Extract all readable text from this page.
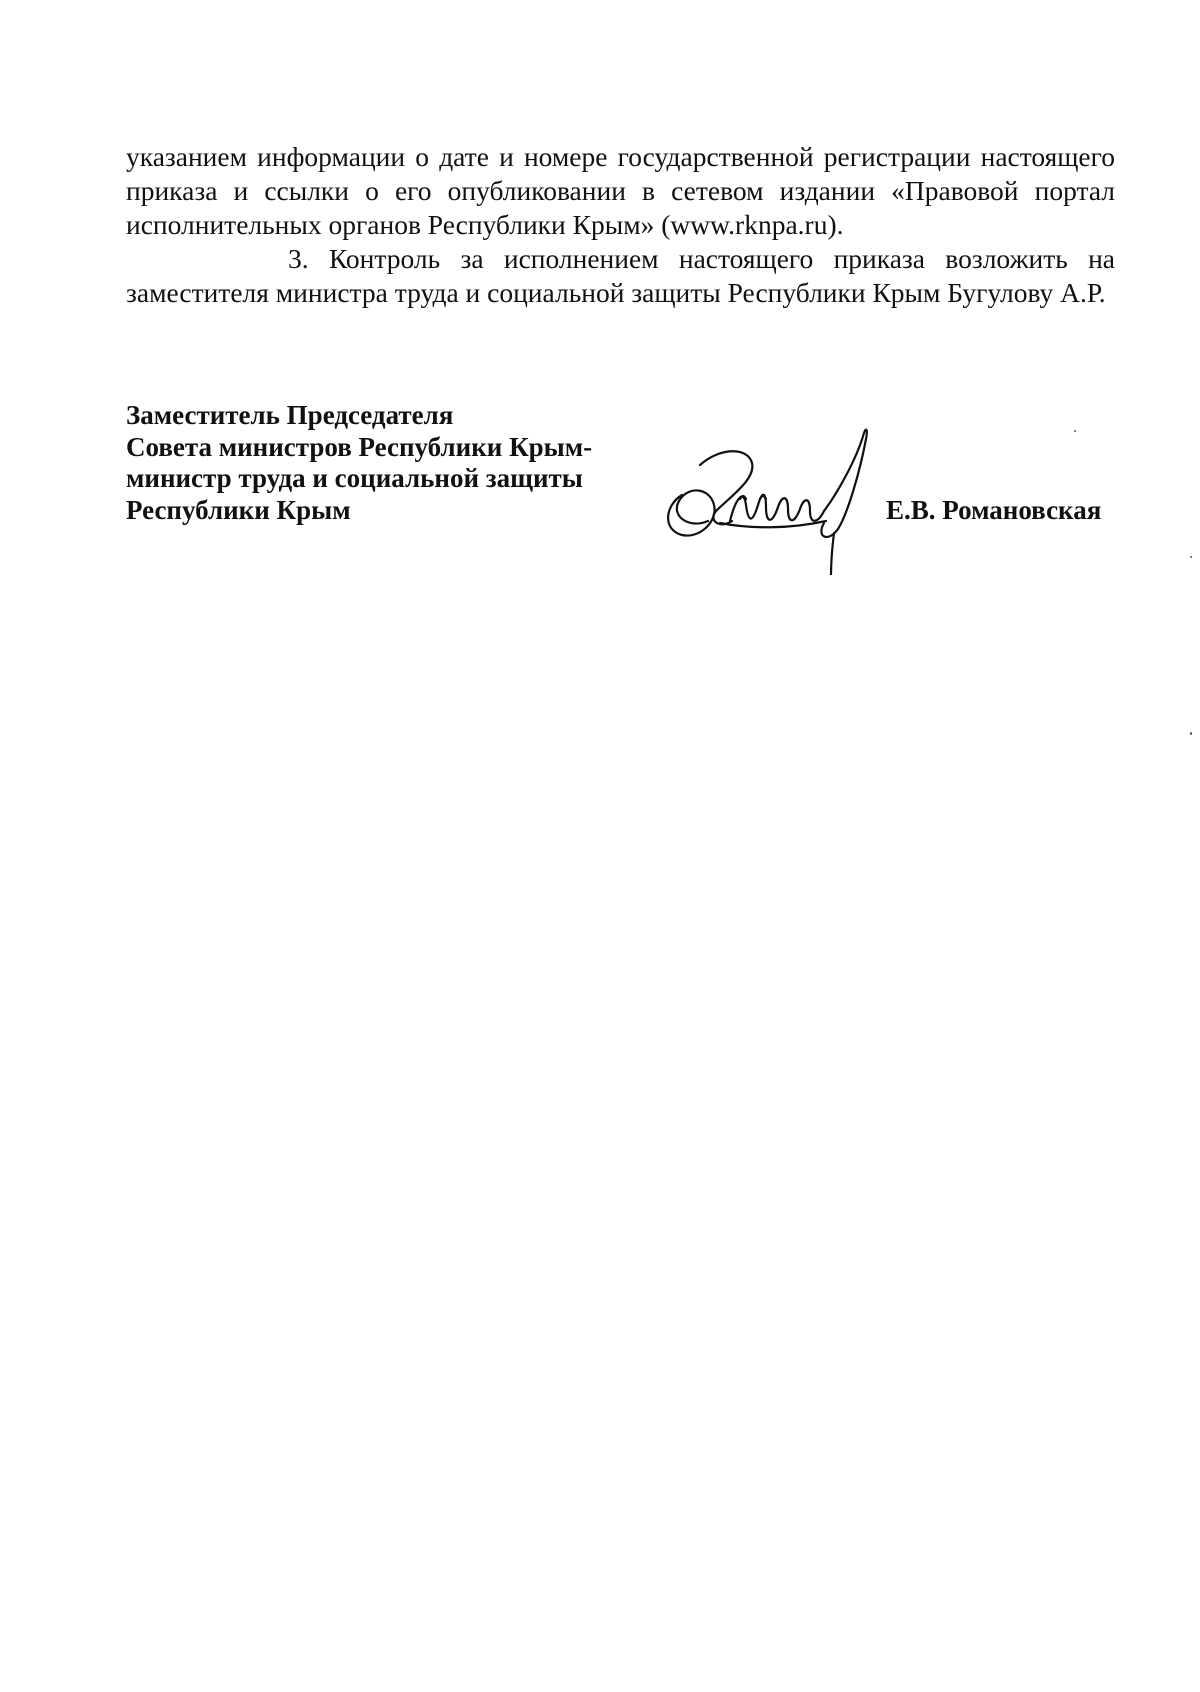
указанием информации о дате и номере государственной регистрации настоящего приказа и ссылки о его опубликовании в сетевом издании «Правовой портал исполнительных органов Республики Крым» (www.rknpa.ru).

3. Контроль за исполнением настоящего приказа возложить на заместителя министра труда и социальной защиты Республики Крым Бугулову А.Р.

Заместитель Председателя
Совета министров Республики Крым-
министр труда и социальной защиты
Республики Крым	Е.В. Романовская
